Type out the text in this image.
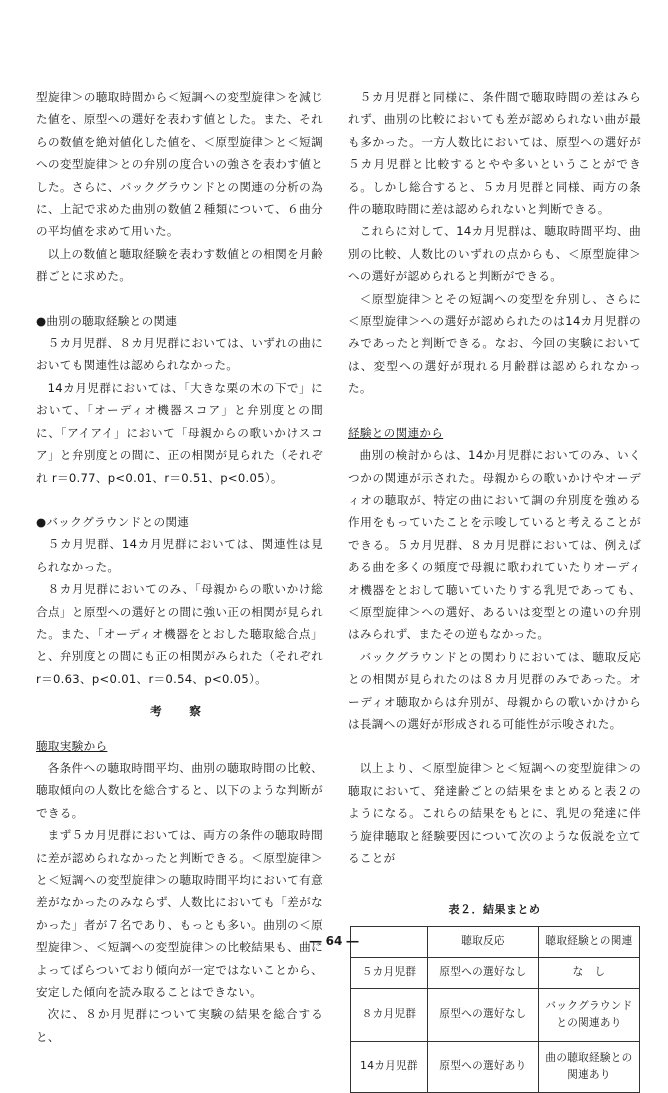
型旋律＞の聴取時間から＜短調への変型旋律＞を減じた値を、原型への選好を表わす値とした。また、それらの数値を絶対値化した値を、＜原型旋律＞と＜短調への変型旋律＞との弁別の度合いの強さを表わす値とした。さらに、バックグラウンドとの関連の分析の為に、上記で求めた曲別の数値２種類について、６曲分の平均値を求めて用いた。

以上の数値と聴取経験を表わす数値との相関を月齢群ごとに求めた。

●曲別の聴取経験との関連

５カ月児群、８カ月児群においては、いずれの曲においても関連性は認められなかった。

14カ月児群においては、「大きな栗の木の下で」において、「オーディオ機器スコア」と弁別度との間に、「アイアイ」において「母親からの歌いかけスコア」と弁別度との間に、正の相関が見られた（それぞれ r＝0.77、p<0.01、r＝0.51、p<0.05）。

●バックグラウンドとの関連

５カ月児群、14カ月児群においては、関連性は見られなかった。

８カ月児群においてのみ、「母親からの歌いかけ総合点」と原型への選好との間に強い正の相関が見られた。また、「オーディオ機器をとおした聴取総合点」と、弁別度との間にも正の相関がみられた（それぞれ r＝0.63、p<0.01、r＝0.54、p<0.05）。

考　察

聴取実験から

各条件への聴取時間平均、曲別の聴取時間の比較、聴取傾向の人数比を総合すると、以下のような判断ができる。

まず５カ月児群においては、両方の条件の聴取時間に差が認められなかったと判断できる。＜原型旋律＞と＜短調への変型旋律＞の聴取時間平均において有意差がなかったのみならず、人数比においても「差がなかった」者が７名であり、もっとも多い。曲別の＜原型旋律＞、＜短調への変型旋律＞の比較結果も、曲によってばらついており傾向が一定ではないことから、安定した傾向を読み取ることはできない。

次に、８か月児群について実験の結果を総合すると、

５カ月児群と同様に、条件間で聴取時間の差はみられず、曲別の比較においても差が認められない曲が最も多かった。一方人数比においては、原型への選好が５カ月児群と比較するとやや多いということができる。しかし総合すると、５カ月児群と同様、両方の条件の聴取時間に差は認められないと判断できる。

これらに対して、14カ月児群は、聴取時間平均、曲別の比較、人数比のいずれの点からも、＜原型旋律＞への選好が認められると判断ができる。

＜原型旋律＞とその短調への変型を弁別し、さらに＜原型旋律＞への選好が認められたのは14カ月児群のみであったと判断できる。なお、今回の実験においては、変型への選好が現れる月齢群は認められなかった。

経験との関連から

曲別の検討からは、14か月児群においてのみ、いくつかの関連が示された。母親からの歌いかけやオーディオの聴取が、特定の曲において調の弁別度を強める作用をもっていたことを示唆していると考えることができる。５カ月児群、８カ月児群においては、例えばある曲を多くの頻度で母親に歌われていたりオーディオ機器をとおして聴いていたりする乳児であっても、＜原型旋律＞への選好、あるいは変型との違いの弁別はみられず、またその逆もなかった。

バックグラウンドとの関わりにおいては、聴取反応との相関が見られたのは８カ月児群のみであった。オーディオ聴取からは弁別が、母親からの歌いかけからは長調への選好が形成される可能性が示唆された。

以上より、＜原型旋律＞と＜短調への変型旋律＞の聴取において、発達齢ごとの結果をまとめると表２のようになる。これらの結果をもとに、乳児の発達に伴う旋律聴取と経験要因について次のような仮説を立てることが

表２．結果まとめ
	聴取反応	聴取経験との関連
５カ月児群	原型への選好なし	な　し
８カ月児群	原型への選好なし	バックグラウンドとの関連あり
14カ月児群	原型への選好あり	曲の聴取経験との関連あり
― 64 ―
